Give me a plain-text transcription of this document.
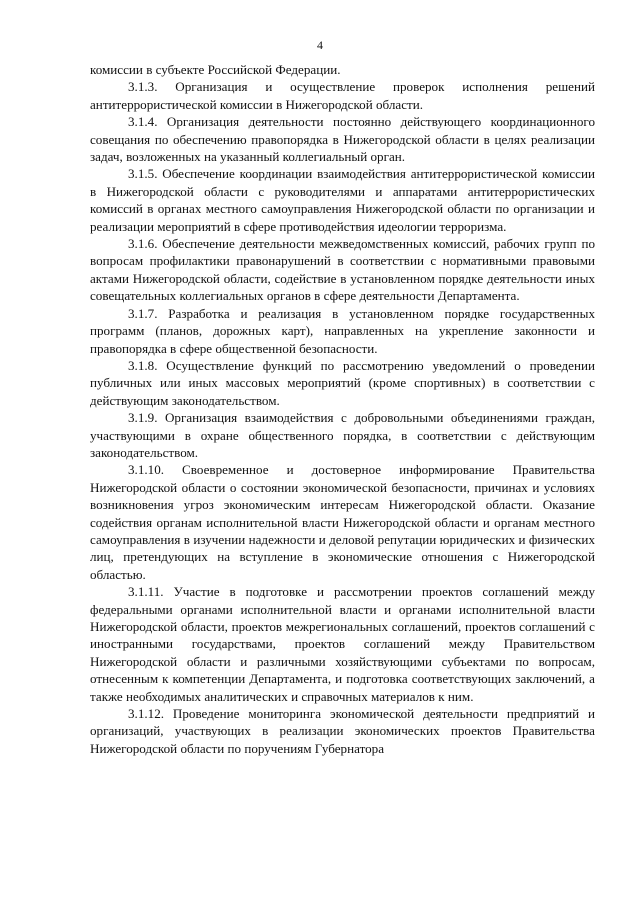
4

комиссии в субъекте Российской Федерации.

3.1.3. Организация и осуществление проверок исполнения решений антитеррористической комиссии в Нижегородской области.

3.1.4. Организация деятельности постоянно действующего координационного совещания по обеспечению правопорядка в Нижегородской области в целях реализации задач, возложенных на указанный коллегиальный орган.

3.1.5. Обеспечение координации взаимодействия антитеррористической комиссии в Нижегородской области с руководителями и аппаратами антитеррористических комиссий в органах местного самоуправления Нижегородской области по организации и реализации мероприятий в сфере противодействия идеологии терроризма.

3.1.6. Обеспечение деятельности межведомственных комиссий, рабочих групп по вопросам профилактики правонарушений в соответствии с нормативными правовыми актами Нижегородской области, содействие в установленном порядке деятельности иных совещательных коллегиальных органов в сфере деятельности Департамента.

3.1.7. Разработка и реализация в установленном порядке государственных программ (планов, дорожных карт), направленных на укрепление законности и правопорядка в сфере общественной безопасности.

3.1.8. Осуществление функций по рассмотрению уведомлений о проведении публичных или иных массовых мероприятий (кроме спортивных) в соответствии с действующим законодательством.

3.1.9. Организация взаимодействия с добровольными объединениями граждан, участвующими в охране общественного порядка, в соответствии с действующим законодательством.

3.1.10. Своевременное и достоверное информирование Правительства Нижегородской области о состоянии экономической безопасности, причинах и условиях возникновения угроз экономическим интересам Нижегородской области. Оказание содействия органам исполнительной власти Нижегородской области и органам местного самоуправления в изучении надежности и деловой репутации юридических и физических лиц, претендующих на вступление в экономические отношения с Нижегородской областью.

3.1.11. Участие в подготовке и рассмотрении проектов соглашений между федеральными органами исполнительной власти и органами исполнительной власти Нижегородской области, проектов межрегиональных соглашений, проектов соглашений с иностранными государствами, проектов соглашений между Правительством Нижегородской области и различными хозяйствующими субъектами по вопросам, отнесенным к компетенции Департамента, и подготовка соответствующих заключений, а также необходимых аналитических и справочных материалов к ним.

3.1.12. Проведение мониторинга экономической деятельности предприятий и организаций, участвующих в реализации экономических проектов Правительства Нижегородской области по поручениям Губернатора
